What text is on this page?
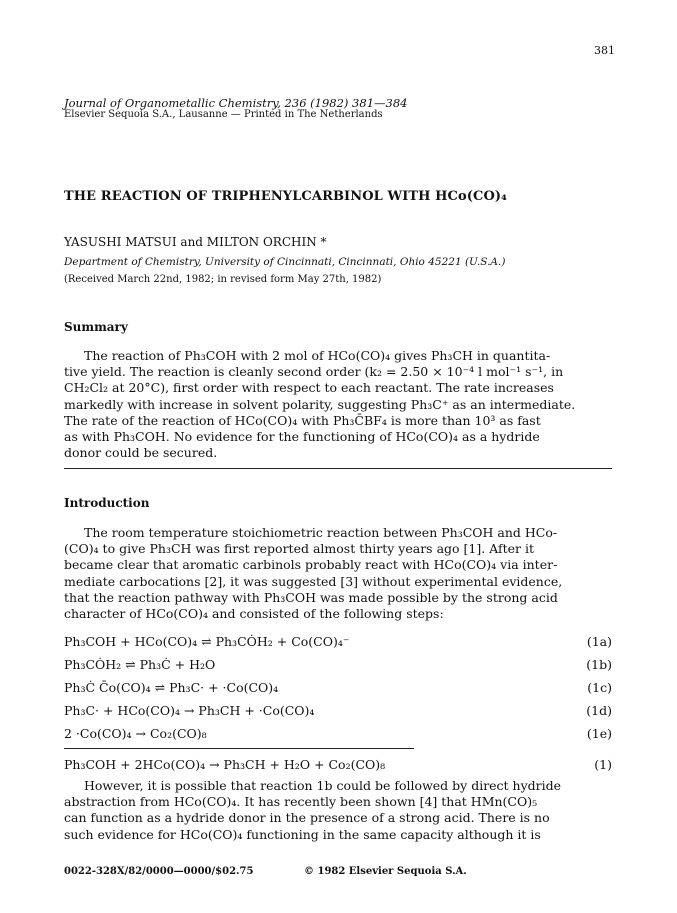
381
Journal of Organometallic Chemistry, 236 (1982) 381—384
Elsevier Sequoia S.A., Lausanne — Printed in The Netherlands
THE REACTION OF TRIPHENYLCARBINOL WITH HCo(CO)₄
YASUSHI MATSUI and MILTON ORCHIN *
Department of Chemistry, University of Cincinnati, Cincinnati, Ohio 45221 (U.S.A.)
(Received March 22nd, 1982; in revised form May 27th, 1982)
Summary
The reaction of Ph₃COH with 2 mol of HCo(CO)₄ gives Ph₃CH in quantita-
tive yield. The reaction is cleanly second order (k₂ = 2.50 × 10⁻⁴ l mol⁻¹ s⁻¹, in
CH₂Cl₂ at 20°C), first order with respect to each reactant. The rate increases
markedly with increase in solvent polarity, suggesting Ph₃C⁺ as an intermediate.
The rate of the reaction of HCo(CO)₄ with Ph₃C̄BF₄ is more than 10³ as fast
as with Ph₃COH. No evidence for the functioning of HCo(CO)₄ as a hydride
donor could be secured.
Introduction
The room temperature stoichiometric reaction between Ph₃COH and HCo-
(CO)₄ to give Ph₃CH was first reported almost thirty years ago [1]. After it
became clear that aromatic carbinols probably react with HCo(CO)₄ via inter-
mediate carbocations [2], it was suggested [3] without experimental evidence,
that the reaction pathway with Ph₃COH was made possible by the strong acid
character of HCo(CO)₄ and consisted of the following steps:
Ph₃COH + HCo(CO)₄ ⇌ Ph₃CȮH₂ + Co(CO)₄⁻	(1a)
Ph₃CȮH₂ ⇌ Ph₃Ċ + H₂O	(1b)
Ph₃Ċ C̄o(CO)₄ ⇌ Ph₃C· + ·Co(CO)₄	(1c)
Ph₃C· + HCo(CO)₄ → Ph₃CH + ·Co(CO)₄	(1d)
2 ·Co(CO)₄ → Co₂(CO)₈	(1e)
Ph₃COH + 2HCo(CO)₄ → Ph₃CH + H₂O + Co₂(CO)₈	(1)
However, it is possible that reaction 1b could be followed by direct hydride
abstraction from HCo(CO)₄. It has recently been shown [4] that HMn(CO)₅
can function as a hydride donor in the presence of a strong acid. There is no
such evidence for HCo(CO)₄ functioning in the same capacity although it is
0022-328X/82/0000—0000/$02.75	© 1982 Elsevier Sequoia S.A.
